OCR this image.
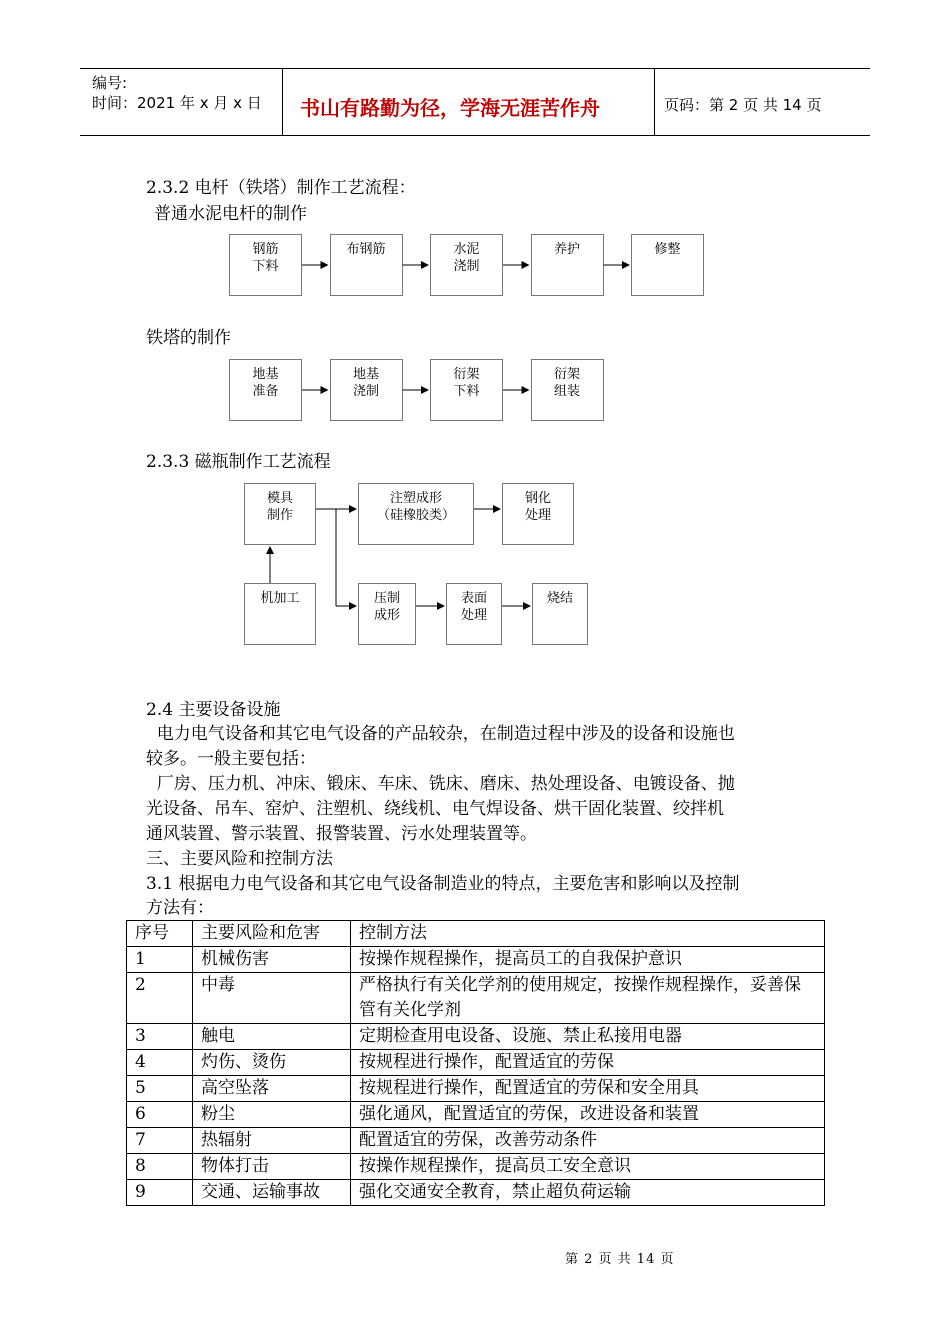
编号:
时间：2021 年 x 月 x 日 书山有路勤为径，学海无涯苦作舟	页码：第 2 页 共 14 页
2.3.2 电杆（铁塔）制作工艺流程：
普通水泥电杆的制作
钢筋
下料
布钢筋	水泥
浇制
养护	修整
铁塔的制作
地基
准备
地基
浇制
衍架
下料
衍架
组装
2.3.3 磁瓶制作工艺流程
模具
制作
机加工
注塑成形
（硅橡胶类）
钢化
处理
压制
成形
表面
处理
烧结
2.4 主要设备设施
电力电气设备和其它电气设备的产品较杂，在制造过程中涉及的设备和设施也
较多。一般主要包括：
厂房、压力机、冲床、锻床、车床、铣床、磨床、热处理设备、电镀设备、抛
光设备、吊车、窑炉、注塑机、绕线机、电气焊设备、烘干固化装置、绞拌机
通风装置、警示装置、报警装置、污水处理装置等。
三、主要风险和控制方法
3.1 根据电力电气设备和其它电气设备制造业的特点，主要危害和影响以及控制
方法有：
序号	主要风险和危害	控制方法
1	机械伤害	按操作规程操作，提高员工的自我保护意识
2	中毒	严格执行有关化学剂的使用规定，按操作规程操作，妥善保管有关化学剂
3	触电	定期检查用电设备、设施、禁止私接用电器
4	灼伤、烫伤	按规程进行操作，配置适宜的劳保
5	高空坠落	按规程进行操作，配置适宜的劳保和安全用具
6	粉尘	强化通风，配置适宜的劳保，改进设备和装置
7	热辐射	配置适宜的劳保，改善劳动条件
8	物体打击	按操作规程操作，提高员工安全意识
9	交通、运输事故	强化交通安全教育，禁止超负荷运输
第 2 页 共 14 页
